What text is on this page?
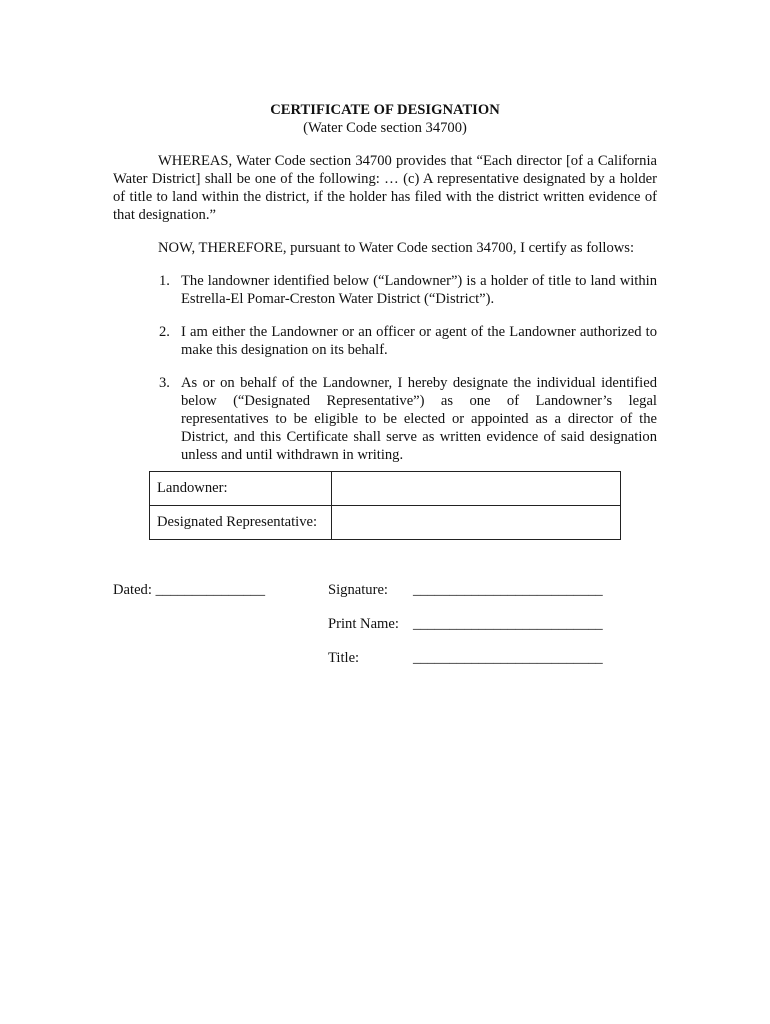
CERTIFICATE OF DESIGNATION
(Water Code section 34700)
WHEREAS, Water Code section 34700 provides that “Each director [of a California Water District] shall be one of the following: … (c) A representative designated by a holder of title to land within the district, if the holder has filed with the district written evidence of that designation.”
NOW, THEREFORE, pursuant to Water Code section 34700, I certify as follows:
1. The landowner identified below (“Landowner”) is a holder of title to land within Estrella-El Pomar-Creston Water District (“District”).
2. I am either the Landowner or an officer or agent of the Landowner authorized to make this designation on its behalf.
3. As or on behalf of the Landowner, I hereby designate the individual identified below (“Designated Representative”) as one of Landowner’s legal representatives to be eligible to be elected or appointed as a director of the District, and this Certificate shall serve as written evidence of said designation unless and until withdrawn in writing.
Landowner:	
Designated Representative:	
Dated: _______________	Signature: __________________________
Print Name: __________________________
Title:	__________________________
